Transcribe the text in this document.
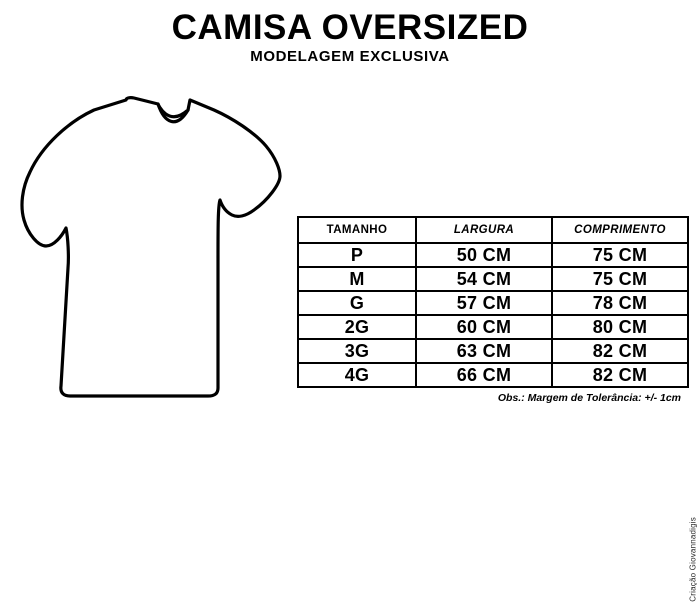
CAMISA OVERSIZED
MODELAGEM EXCLUSIVA
TAMANHO	LARGURA	COMPRIMENTO
P	50 CM	75 CM
M	54 CM	75 CM
G	57 CM	78 CM
2G	60 CM	80 CM
3G	63 CM	82 CM
4G	66 CM	82 CM
Obs.: Margem de Tolerância: +/- 1cm
Criação Giovannadigis
